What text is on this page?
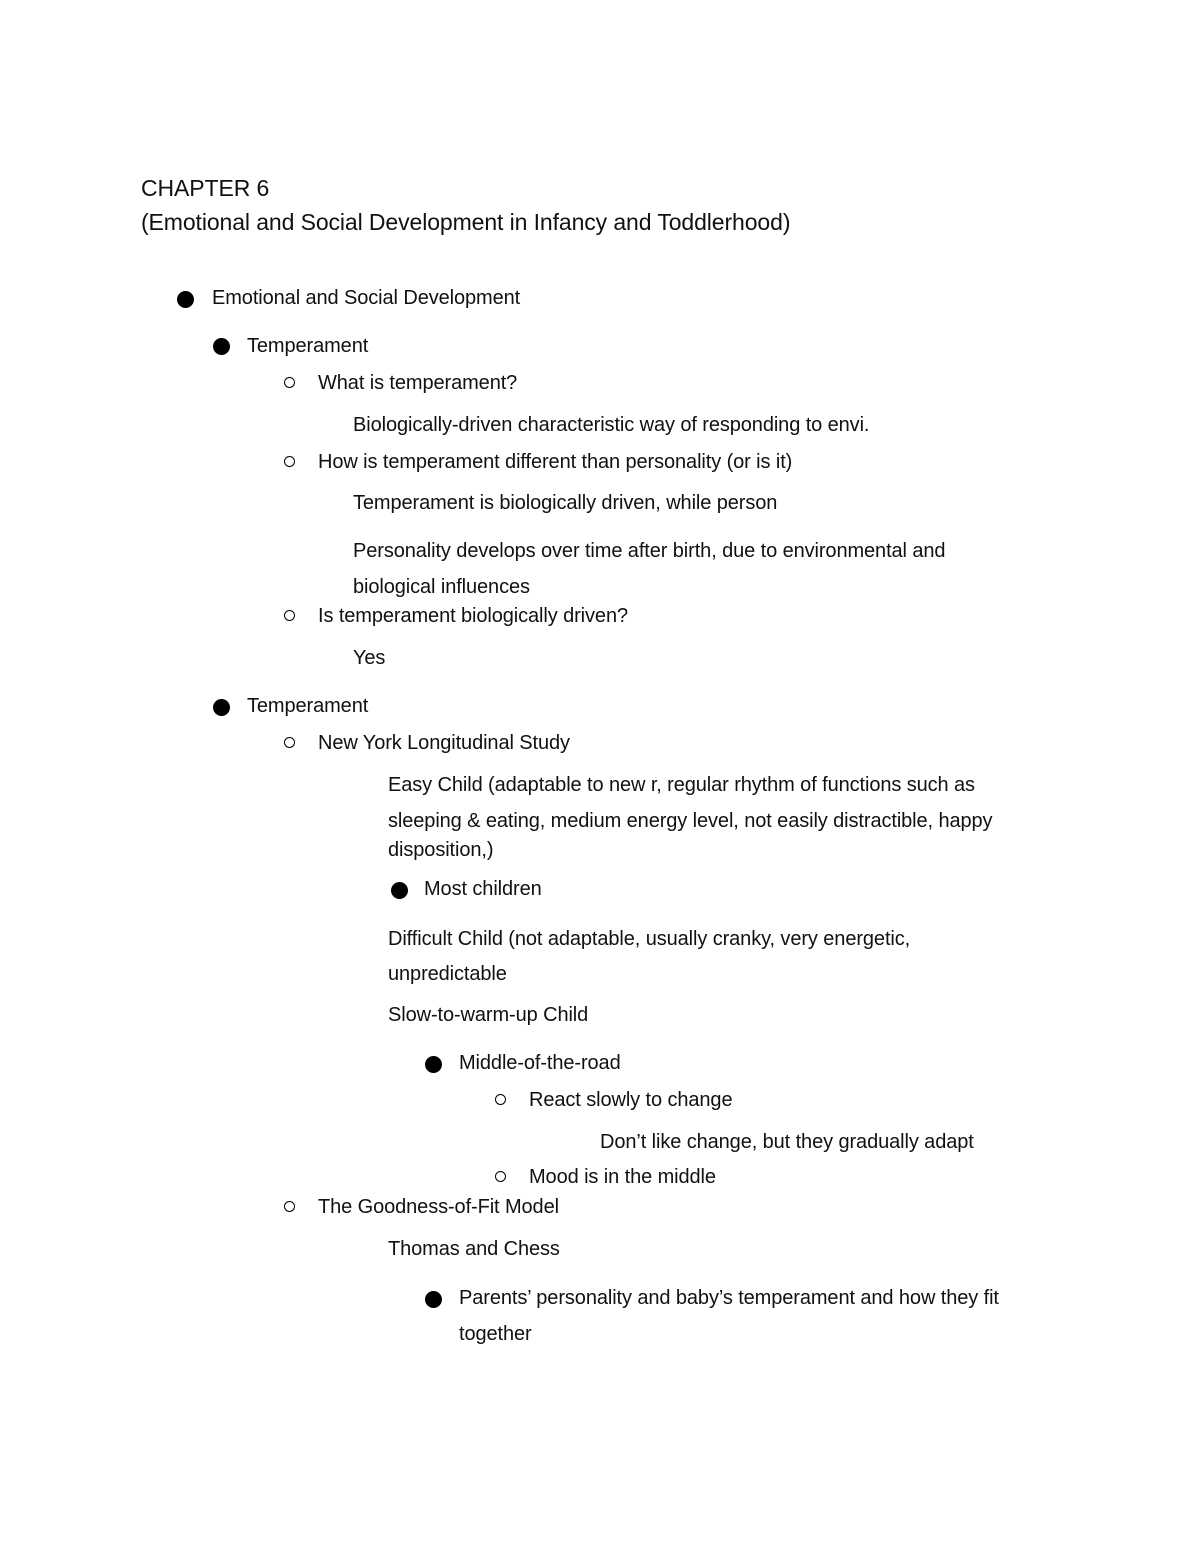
CHAPTER 6
(Emotional and Social Development in Infancy and Toddlerhood)
Emotional and Social Development
Temperament
What is temperament?
Biologically-driven characteristic way of responding to envi.
How is temperament different than personality (or is it)
Temperament is biologically driven, while person
Personality develops over time after birth, due to environmental and
biological influences
Is temperament biologically driven?
Yes
Temperament
New York Longitudinal Study
Easy Child (adaptable to new r, regular rhythm of functions such as
sleeping & eating, medium energy level, not easily distractible, happy
disposition,)
Most children
Difficult Child (not adaptable, usually cranky, very energetic,
unpredictable
Slow-to-warm-up Child
Middle-of-the-road
React slowly to change
Don’t like change, but they gradually adapt
Mood is in the middle
The Goodness-of-Fit Model
Thomas and Chess
Parents’ personality and baby’s temperament and how they fit
together
